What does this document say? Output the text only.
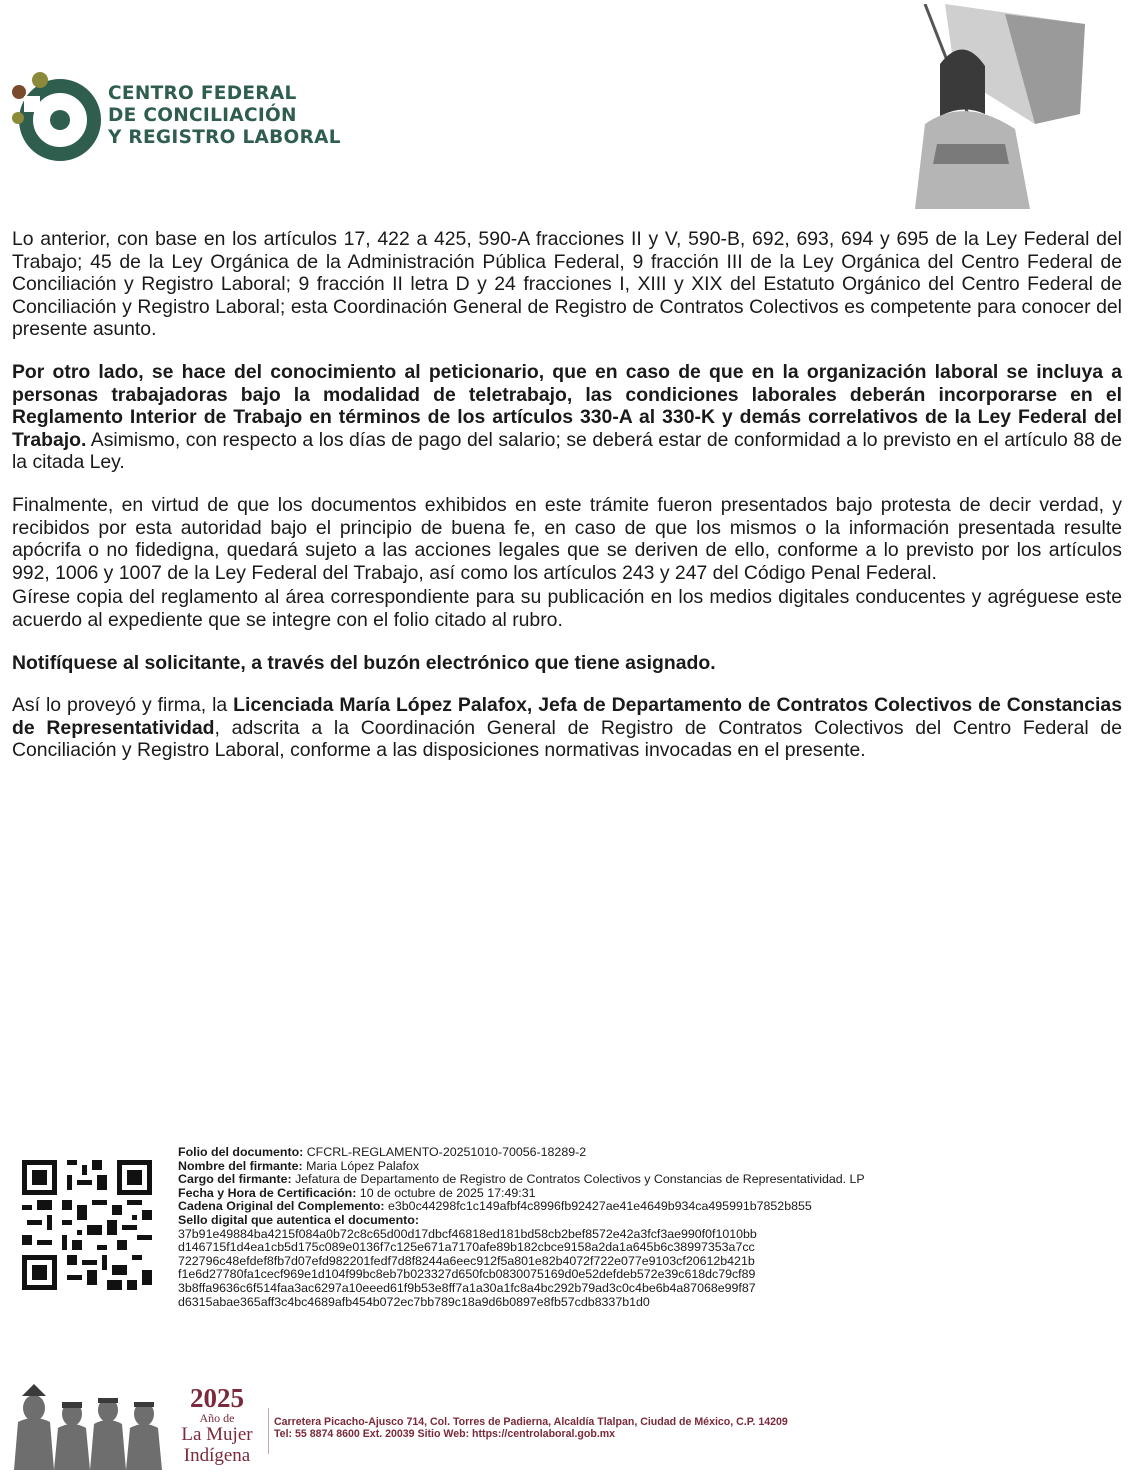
CENTRO FEDERAL
DE CONCILIACIÓN
Y REGISTRO LABORAL

Lo anterior, con base en los artículos 17, 422 a 425, 590-A fracciones II y V, 590-B, 692, 693, 694 y 695 de la Ley Federal del Trabajo; 45 de la Ley Orgánica de la Administración Pública Federal, 9 fracción III de la Ley Orgánica del Centro Federal de Conciliación y Registro Laboral; 9 fracción II letra D y 24 fracciones I, XIII y XIX del Estatuto Orgánico del Centro Federal de Conciliación y Registro Laboral; esta Coordinación General de Registro de Contratos Colectivos es competente para conocer del presente asunto.

Por otro lado, se hace del conocimiento al peticionario, que en caso de que en la organización laboral se incluya a personas trabajadoras bajo la modalidad de teletrabajo, las condiciones laborales deberán incorporarse en el Reglamento Interior de Trabajo en términos de los artículos 330-A al 330-K y demás correlativos de la Ley Federal del Trabajo. Asimismo, con respecto a los días de pago del salario; se deberá estar de conformidad a lo previsto en el artículo 88 de la citada Ley.

Finalmente, en virtud de que los documentos exhibidos en este trámite fueron presentados bajo protesta de decir verdad, y recibidos por esta autoridad bajo el principio de buena fe, en caso de que los mismos o la información presentada resulte apócrifa o no fidedigna, quedará sujeto a las acciones legales que se deriven de ello, conforme a lo previsto por los artículos 992, 1006 y 1007 de la Ley Federal del Trabajo, así como los artículos 243 y 247 del Código Penal Federal.

Gírese copia del reglamento al área correspondiente para su publicación en los medios digitales conducentes y agréguese este acuerdo al expediente que se integre con el folio citado al rubro.

Notifíquese al solicitante, a través del buzón electrónico que tiene asignado.

Así lo proveyó y firma, la Licenciada María López Palafox, Jefa de Departamento de Contratos Colectivos de Constancias de Representatividad, adscrita a la Coordinación General de Registro de Contratos Colectivos del Centro Federal de Conciliación y Registro Laboral, conforme a las disposiciones normativas invocadas en el presente.

Folio del documento: CFCRL-REGLAMENTO-20251010-70056-18289-2
Nombre del firmante: Maria López Palafox
Cargo del firmante: Jefatura de Departamento de Registro de Contratos Colectivos y Constancias de Representatividad. LP
Fecha y Hora de Certificación: 10 de octubre de 2025 17:49:31
Cadena Original del Complemento: e3b0c44298fc1c149afbf4c8996fb92427ae41e4649b934ca495991b7852b855
Sello digital que autentica el documento:
37b91e49884ba4215f084a0b72c8c65d00d17dbcf46818ed181bd58cb2bef8572e42a3fcf3ae990f0f1010bbd146715f1d4ea1cb5d175c089e0136f7c125e671a7170afe89b182cbce9158a2da1a645b6c38997353a7cc722796c48efdef8fb7d07efd982201fedf7d8f8244a6eec912f5a801e82b4072f722e077e9103cf20612b421bf1e6d27780fa1cecf969e1d104f99bc8eb7b023327d650fcb0830075169d0e52defdeb572e39c618dc79cf893b8ffa9636c6f514faa3ac6297a10eeed61f9b53e8ff7a1a30a1fc8a4bc292b79ad3c0c4be6b4a87068e99f87d6315abae365aff3c4bc4689afb454b072ec7bb789c18a9d6b0897e8fb57cdb8337b1d0
2025
Año de
La Mujer
Indígena
Carretera Picacho-Ajusco 714, Col. Torres de Padierna, Alcaldía Tlalpan, Ciudad de México, C.P. 14209
Tel: 55 8874 8600 Ext. 20039 Sitio Web: https://centrolaboral.gob.mx
